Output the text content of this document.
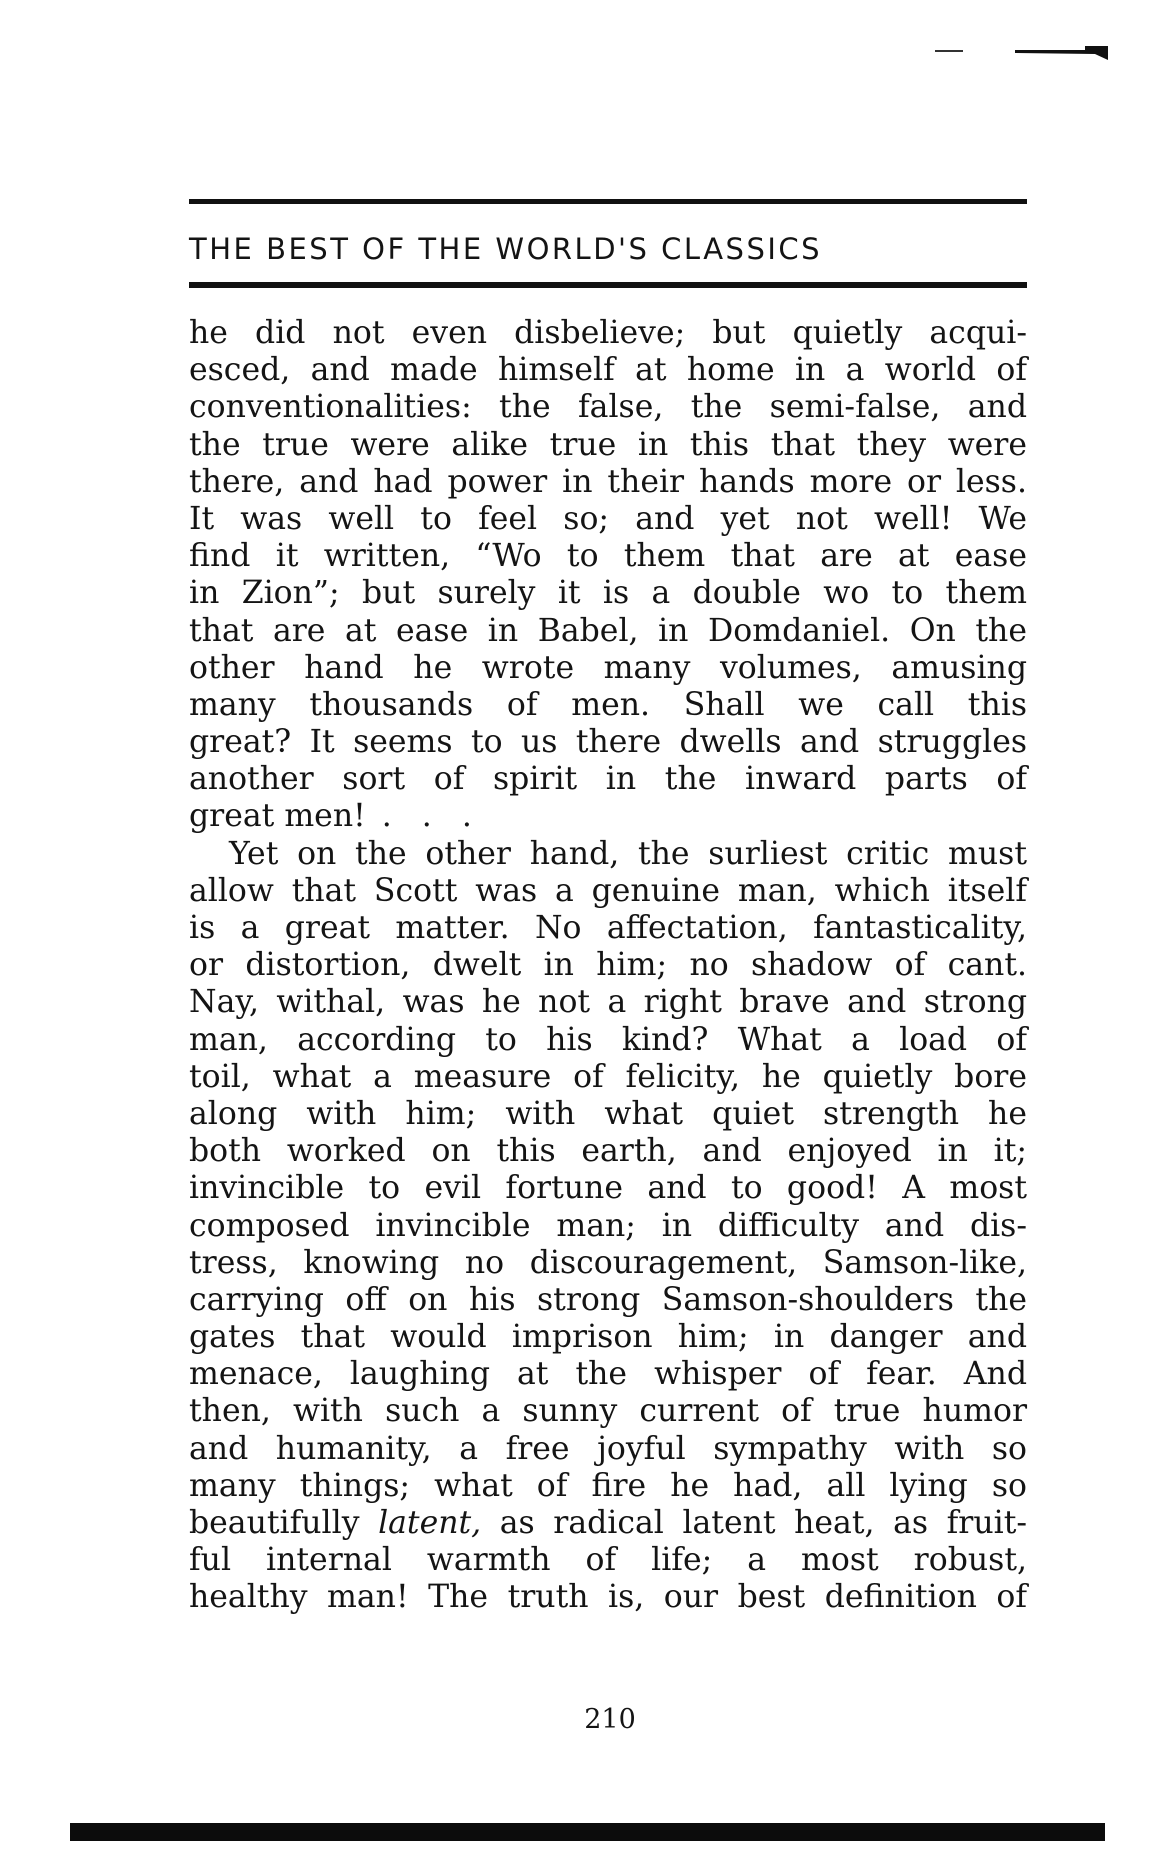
THE BEST OF THE WORLD'S CLASSICS
he did not even disbelieve; but quietly acqui-
esced, and made himself at home in a world of
conventionalities: the false, the semi-false, and
the true were alike true in this that they were
there, and had power in their hands more or less.
It was well to feel so; and yet not well! We
find it written, “Wo to them that are at ease
in Zion”; but surely it is a double wo to them
that are at ease in Babel, in Domdaniel. On the
other hand he wrote many volumes, amusing
many thousands of men. Shall we call this
great? It seems to us there dwells and struggles
another sort of spirit in the inward parts of
great men! . . .
Yet on the other hand, the surliest critic must
allow that Scott was a genuine man, which itself
is a great matter. No affectation, fantasticality,
or distortion, dwelt in him; no shadow of cant.
Nay, withal, was he not a right brave and strong
man, according to his kind? What a load of
toil, what a measure of felicity, he quietly bore
along with him; with what quiet strength he
both worked on this earth, and enjoyed in it;
invincible to evil fortune and to good! A most
composed invincible man; in difficulty and dis-
tress, knowing no discouragement, Samson-like,
carrying off on his strong Samson-shoulders the
gates that would imprison him; in danger and
menace, laughing at the whisper of fear. And
then, with such a sunny current of true humor
and humanity, a free joyful sympathy with so
many things; what of fire he had, all lying so
beautifully latent, as radical latent heat, as fruit-
ful internal warmth of life; a most robust,
healthy man! The truth is, our best definition of
210
